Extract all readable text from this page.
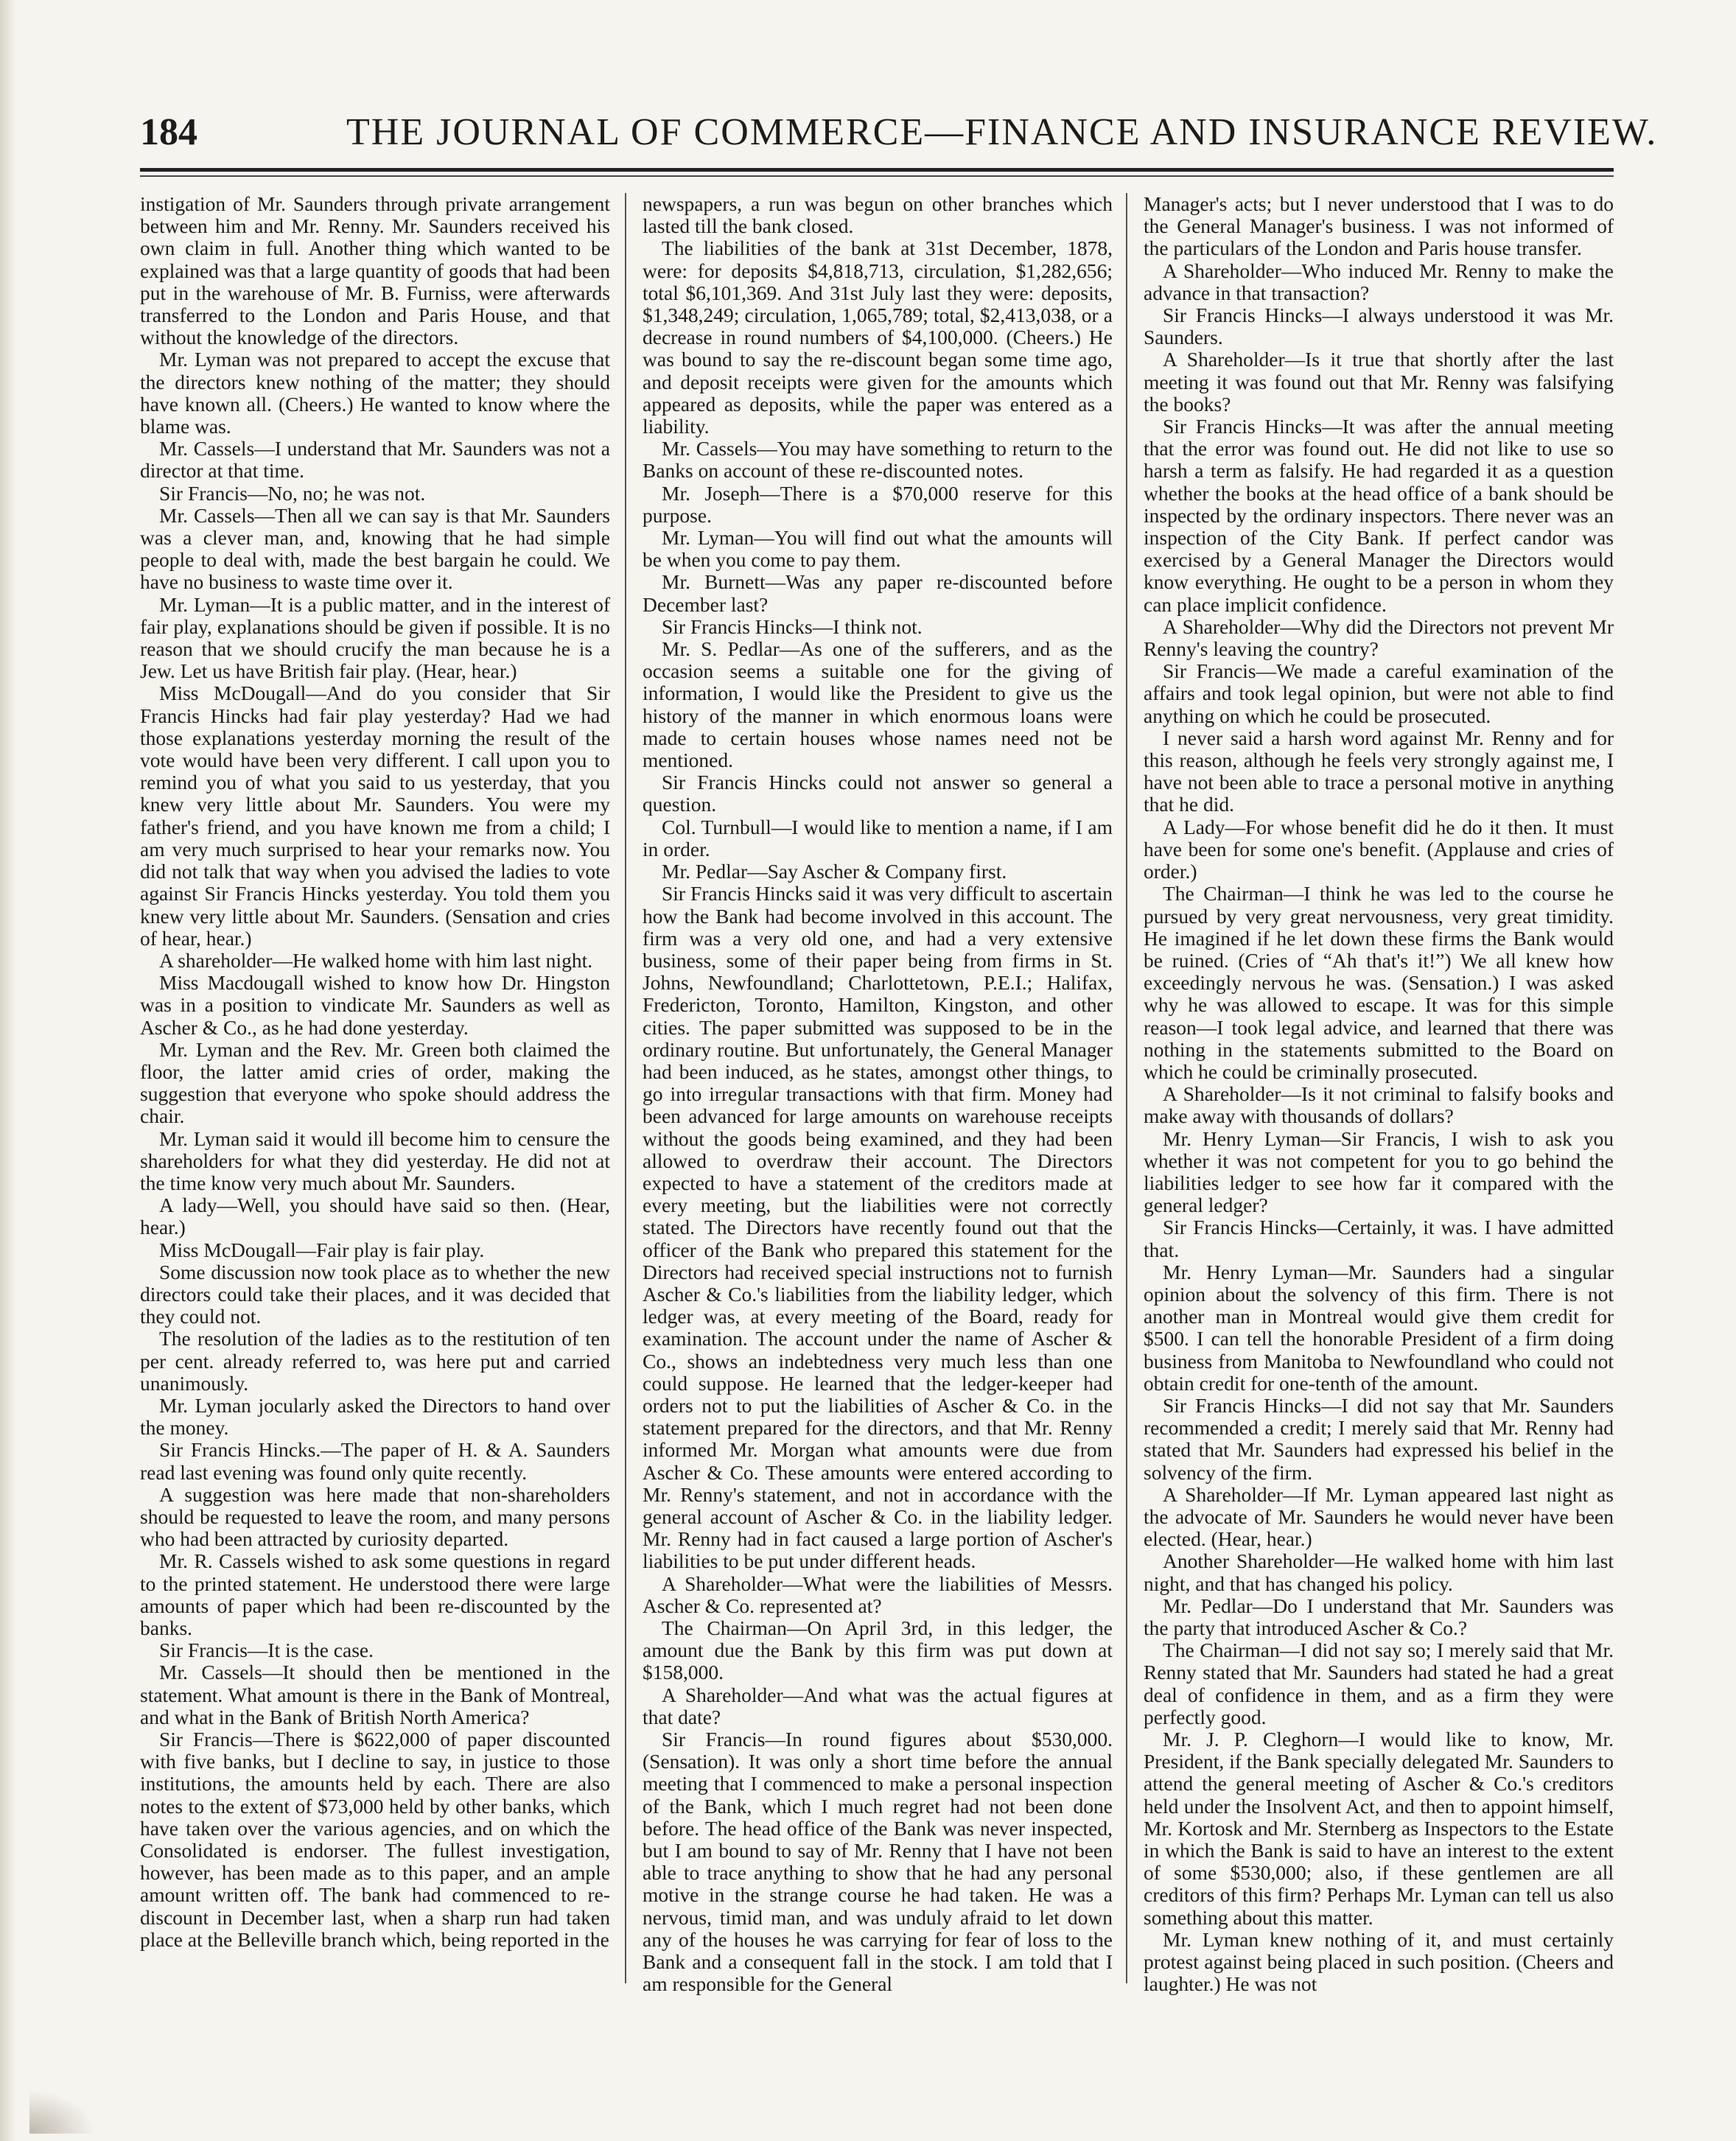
184	THE JOURNAL OF COMMERCE—FINANCE AND INSURANCE REVIEW.

instigation of Mr. Saunders through private arrangement between him and Mr. Renny. Mr. Saunders received his own claim in full. Another thing which wanted to be explained was that a large quantity of goods that had been put in the warehouse of Mr. B. Furniss, were afterwards transferred to the London and Paris House, and that without the knowledge of the directors.

Mr. Lyman was not prepared to accept the excuse that the directors knew nothing of the matter; they should have known all. (Cheers.) He wanted to know where the blame was.

Mr. Cassels—I understand that Mr. Saunders was not a director at that time.

Sir Francis—No, no; he was not.

Mr. Cassels—Then all we can say is that Mr. Saunders was a clever man, and, knowing that he had simple people to deal with, made the best bargain he could. We have no business to waste time over it.

Mr. Lyman—It is a public matter, and in the interest of fair play, explanations should be given if possible. It is no reason that we should crucify the man because he is a Jew. Let us have British fair play. (Hear, hear.)

Miss McDougall—And do you consider that Sir Francis Hincks had fair play yesterday? Had we had those explanations yesterday morning the result of the vote would have been very different. I call upon you to remind you of what you said to us yesterday, that you knew very little about Mr. Saunders. You were my father's friend, and you have known me from a child; I am very much surprised to hear your remarks now. You did not talk that way when you advised the ladies to vote against Sir Francis Hincks yesterday. You told them you knew very little about Mr. Saunders. (Sensation and cries of hear, hear.)

A shareholder—He walked home with him last night.

Miss Macdougall wished to know how Dr. Hingston was in a position to vindicate Mr. Saunders as well as Ascher & Co., as he had done yesterday.

Mr. Lyman and the Rev. Mr. Green both claimed the floor, the latter amid cries of order, making the suggestion that everyone who spoke should address the chair.

Mr. Lyman said it would ill become him to censure the shareholders for what they did yesterday. He did not at the time know very much about Mr. Saunders.

A lady—Well, you should have said so then. (Hear, hear.)

Miss McDougall—Fair play is fair play.

Some discussion now took place as to whether the new directors could take their places, and it was decided that they could not.

The resolution of the ladies as to the restitution of ten per cent. already referred to, was here put and carried unanimously.

Mr. Lyman jocularly asked the Directors to hand over the money.

Sir Francis Hincks.—The paper of H. & A. Saunders read last evening was found only quite recently.

A suggestion was here made that non-shareholders should be requested to leave the room, and many persons who had been attracted by curiosity departed.

Mr. R. Cassels wished to ask some questions in regard to the printed statement. He understood there were large amounts of paper which had been re-discounted by the banks.

Sir Francis—It is the case.

Mr. Cassels—It should then be mentioned in the statement. What amount is there in the Bank of Montreal, and what in the Bank of British North America?

Sir Francis—There is $622,000 of paper discounted with five banks, but I decline to say, in justice to those institutions, the amounts held by each. There are also notes to the extent of $73,000 held by other banks, which have taken over the various agencies, and on which the Consolidated is endorser. The fullest investigation, however, has been made as to this paper, and an ample amount written off. The bank had commenced to re-discount in December last, when a sharp run had taken place at the Belleville branch which, being reported in the

newspapers, a run was begun on other branches which lasted till the bank closed.

The liabilities of the bank at 31st December, 1878, were: for deposits $4,818,713, circulation, $1,282,656; total $6,101,369. And 31st July last they were: deposits, $1,348,249; circulation, 1,065,789; total, $2,413,038, or a decrease in round numbers of $4,100,000. (Cheers.) He was bound to say the re-discount began some time ago, and deposit receipts were given for the amounts which appeared as deposits, while the paper was entered as a liability.

Mr. Cassels—You may have something to return to the Banks on account of these re-discounted notes.

Mr. Joseph—There is a $70,000 reserve for this purpose.

Mr. Lyman—You will find out what the amounts will be when you come to pay them.

Mr. Burnett—Was any paper re-discounted before December last?

Sir Francis Hincks—I think not.

Mr. S. Pedlar—As one of the sufferers, and as the occasion seems a suitable one for the giving of information, I would like the President to give us the history of the manner in which enormous loans were made to certain houses whose names need not be mentioned.

Sir Francis Hincks could not answer so general a question.

Col. Turnbull—I would like to mention a name, if I am in order.

Mr. Pedlar—Say Ascher & Company first.

Sir Francis Hincks said it was very difficult to ascertain how the Bank had become involved in this account. The firm was a very old one, and had a very extensive business, some of their paper being from firms in St. Johns, Newfoundland; Charlottetown, P.E.I.; Halifax, Fredericton, Toronto, Hamilton, Kingston, and other cities. The paper submitted was supposed to be in the ordinary routine. But unfortunately, the General Manager had been induced, as he states, amongst other things, to go into irregular transactions with that firm. Money had been advanced for large amounts on warehouse receipts without the goods being examined, and they had been allowed to overdraw their account. The Directors expected to have a statement of the creditors made at every meeting, but the liabilities were not correctly stated. The Directors have recently found out that the officer of the Bank who prepared this statement for the Directors had received special instructions not to furnish Ascher & Co.'s liabilities from the liability ledger, which ledger was, at every meeting of the Board, ready for examination. The account under the name of Ascher & Co., shows an indebtedness very much less than one could suppose. He learned that the ledger-keeper had orders not to put the liabilities of Ascher & Co. in the statement prepared for the directors, and that Mr. Renny informed Mr. Morgan what amounts were due from Ascher & Co. These amounts were entered according to Mr. Renny's statement, and not in accordance with the general account of Ascher & Co. in the liability ledger. Mr. Renny had in fact caused a large portion of Ascher's liabilities to be put under different heads.

A Shareholder—What were the liabilities of Messrs. Ascher & Co. represented at?

The Chairman—On April 3rd, in this ledger, the amount due the Bank by this firm was put down at $158,000.

A Shareholder—And what was the actual figures at that date?

Sir Francis—In round figures about $530,000. (Sensation). It was only a short time before the annual meeting that I commenced to make a personal inspection of the Bank, which I much regret had not been done before. The head office of the Bank was never inspected, but I am bound to say of Mr. Renny that I have not been able to trace anything to show that he had any personal motive in the strange course he had taken. He was a nervous, timid man, and was unduly afraid to let down any of the houses he was carrying for fear of loss to the Bank and a consequent fall in the stock. I am told that I am responsible for the General

Manager's acts; but I never understood that I was to do the General Manager's business. I was not informed of the particulars of the London and Paris house transfer.

A Shareholder—Who induced Mr. Renny to make the advance in that transaction?

Sir Francis Hincks—I always understood it was Mr. Saunders.

A Shareholder—Is it true that shortly after the last meeting it was found out that Mr. Renny was falsifying the books?

Sir Francis Hincks—It was after the annual meeting that the error was found out. He did not like to use so harsh a term as falsify. He had regarded it as a question whether the books at the head office of a bank should be inspected by the ordinary inspectors. There never was an inspection of the City Bank. If perfect candor was exercised by a General Manager the Directors would know everything. He ought to be a person in whom they can place implicit confidence.

A Shareholder—Why did the Directors not prevent Mr Renny's leaving the country?

Sir Francis—We made a careful examination of the affairs and took legal opinion, but were not able to find anything on which he could be prosecuted.

I never said a harsh word against Mr. Renny and for this reason, although he feels very strongly against me, I have not been able to trace a personal motive in anything that he did.

A Lady—For whose benefit did he do it then. It must have been for some one's benefit. (Applause and cries of order.)

The Chairman—I think he was led to the course he pursued by very great nervousness, very great timidity. He imagined if he let down these firms the Bank would be ruined. (Cries of “Ah that's it!”) We all knew how exceedingly nervous he was. (Sensation.) I was asked why he was allowed to escape. It was for this simple reason—I took legal advice, and learned that there was nothing in the statements submitted to the Board on which he could be criminally prosecuted.

A Shareholder—Is it not criminal to falsify books and make away with thousands of dollars?

Mr. Henry Lyman—Sir Francis, I wish to ask you whether it was not competent for you to go behind the liabilities ledger to see how far it compared with the general ledger?

Sir Francis Hincks—Certainly, it was. I have admitted that.

Mr. Henry Lyman—Mr. Saunders had a singular opinion about the solvency of this firm. There is not another man in Montreal would give them credit for $500. I can tell the honorable President of a firm doing business from Manitoba to Newfoundland who could not obtain credit for one-tenth of the amount.

Sir Francis Hincks—I did not say that Mr. Saunders recommended a credit; I merely said that Mr. Renny had stated that Mr. Saunders had expressed his belief in the solvency of the firm.

A Shareholder—If Mr. Lyman appeared last night as the advocate of Mr. Saunders he would never have been elected. (Hear, hear.)

Another Shareholder—He walked home with him last night, and that has changed his policy.

Mr. Pedlar—Do I understand that Mr. Saunders was the party that introduced Ascher & Co.?

The Chairman—I did not say so; I merely said that Mr. Renny stated that Mr. Saunders had stated he had a great deal of confidence in them, and as a firm they were perfectly good.

Mr. J. P. Cleghorn—I would like to know, Mr. President, if the Bank specially delegated Mr. Saunders to attend the general meeting of Ascher & Co.'s creditors held under the Insolvent Act, and then to appoint himself, Mr. Kortosk and Mr. Sternberg as Inspectors to the Estate in which the Bank is said to have an interest to the extent of some $530,000; also, if these gentlemen are all creditors of this firm? Perhaps Mr. Lyman can tell us also something about this matter.

Mr. Lyman knew nothing of it, and must certainly protest against being placed in such position. (Cheers and laughter.) He was not
